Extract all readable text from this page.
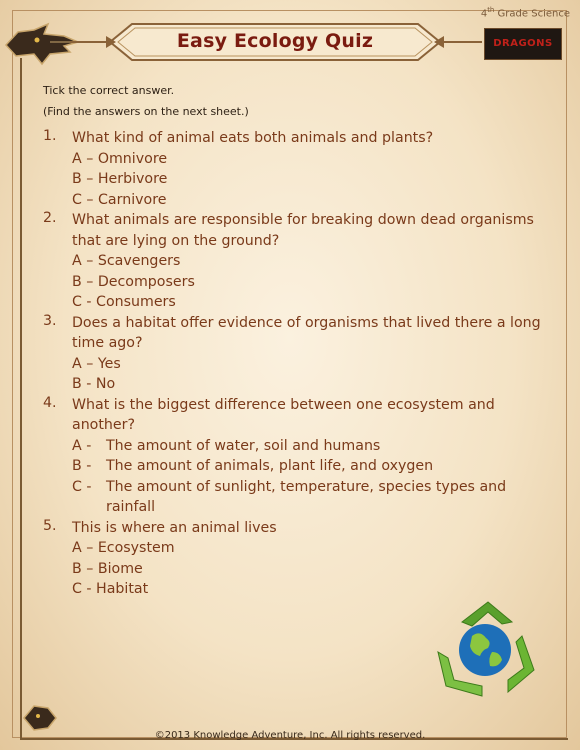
4th Grade Science
Easy Ecology Quiz	DRAGONS
Tick the correct answer.
(Find the answers on the next sheet.)
1. What kind of animal eats both animals and plants?
A – Omnivore
B – Herbivore
C – Carnivore
2. What animals are responsible for breaking down dead organisms that are lying on the ground?
A – Scavengers
B – Decomposers
C - Consumers
3. Does a habitat offer evidence of organisms that lived there a long time ago?
A – Yes
B - No
4. What is the biggest difference between one ecosystem and another?
A -	The amount of water, soil and humans
B -	The amount of animals, plant life, and oxygen
C -	The amount of sunlight, temperature, species types and rainfall
5. This is where an animal lives
A – Ecosystem
B – Biome
C - Habitat
©2013 Knowledge Adventure, Inc. All rights reserved.
